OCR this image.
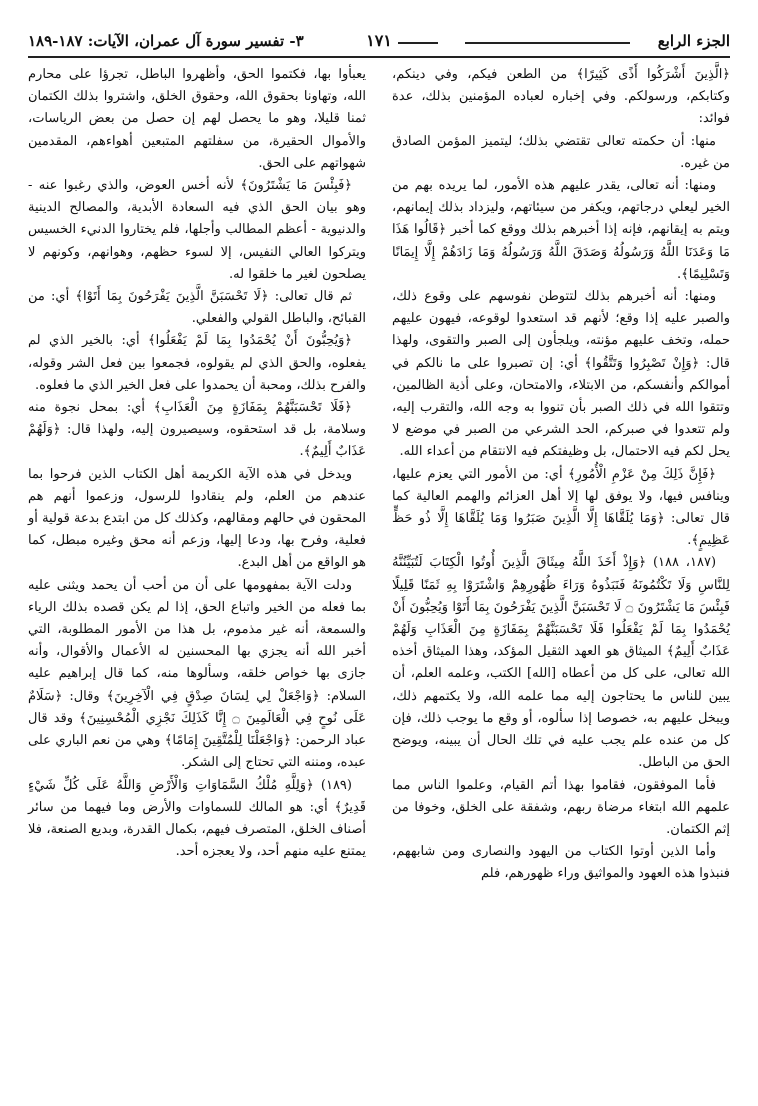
الجزء الرابع
١٧١
٣- تفسير سورة آل عمران، الآيات: ١٨٧-١٨٩

﴿الَّذِينَ أَشْرَكُوا أَذًى كَثِيرًا﴾ من الطعن فيكم، وفي دينكم، وكتابكم، ورسولكم. وفي إخباره لعباده المؤمنين بذلك، عدة فوائد:

منها: أن حكمته تعالى تقتضي بذلك؛ ليتميز المؤمن الصادق من غيره.

ومنها: أنه تعالى، يقدر عليهم هذه الأمور، لما يريده بهم من الخير ليعلي درجاتهم، ويكفر من سيئاتهم، وليزداد بذلك إيمانهم، ويتم به إيقانهم، فإنه إذا أخبرهم بذلك ووقع كما أخبر ﴿قَالُوا هَذَا مَا وَعَدَنَا اللَّهُ وَرَسُولُهُ وَصَدَقَ اللَّهُ وَرَسُولُهُ وَمَا زَادَهُمْ إِلَّا إِيمَانًا وَتَسْلِيمًا﴾.

ومنها: أنه أخبرهم بذلك لتتوطن نفوسهم على وقوع ذلك، والصبر عليه إذا وقع؛ لأنهم قد استعدوا لوقوعه، فيهون عليهم حمله، وتخف عليهم مؤنته، ويلجأون إلى الصبر والتقوى، ولهذا قال: ﴿وَإِنْ تَصْبِرُوا وَتَتَّقُوا﴾ أي: إن تصبروا على ما نالكم في أموالكم وأنفسكم، من الابتلاء، والامتحان، وعلى أذية الظالمين، وتتقوا الله في ذلك الصبر بأن تنووا به وجه الله، والتقرب إليه، ولم تتعدوا في صبركم، الحد الشرعي من الصبر في موضع لا يحل لكم فيه الاحتمال، بل وظيفتكم فيه الانتقام من أعداء الله.

﴿فَإِنَّ ذَلِكَ مِنْ عَزْمِ الْأُمُورِ﴾ أي: من الأمور التي يعزم عليها، وينافس فيها، ولا يوفق لها إلا أهل العزائم والهمم العالية كما قال تعالى: ﴿وَمَا يُلَقَّاهَا إِلَّا الَّذِينَ صَبَرُوا وَمَا يُلَقَّاهَا إِلَّا ذُو حَظٍّ عَظِيمٍ﴾.

(١٨٧، ١٨٨) ﴿وَإِذْ أَخَذَ اللَّهُ مِيثَاقَ الَّذِينَ أُوتُوا الْكِتَابَ لَتُبَيِّنُنَّهُ لِلنَّاسِ وَلَا تَكْتُمُونَهُ فَنَبَذُوهُ وَرَاءَ ظُهُورِهِمْ وَاشْتَرَوْا بِهِ ثَمَنًا قَلِيلًا فَبِئْسَ مَا يَشْتَرُونَ ۝ لَا تَحْسَبَنَّ الَّذِينَ يَفْرَحُونَ بِمَا أَتَوْا وَيُحِبُّونَ أَنْ يُحْمَدُوا بِمَا لَمْ يَفْعَلُوا فَلَا تَحْسَبَنَّهُمْ بِمَفَازَةٍ مِنَ الْعَذَابِ وَلَهُمْ عَذَابٌ أَلِيمٌ﴾ الميثاق هو العهد الثقيل المؤكد، وهذا الميثاق أخذه الله تعالى، على كل من أعطاه [الله] الكتب، وعلمه العلم، أن يبين للناس ما يحتاجون إليه مما علمه الله، ولا يكتمهم ذلك، ويبخل عليهم به، خصوصا إذا سألوه، أو وقع ما يوجب ذلك، فإن كل من عنده علم يجب عليه في تلك الحال أن يبينه، ويوضح الحق من الباطل.

فأما الموفقون، فقاموا بهذا أتم القيام، وعلموا الناس مما علمهم الله ابتغاء مرضاة ربهم، وشفقة على الخلق، وخوفا من إثم الكتمان.

وأما الذين أوتوا الكتاب من اليهود والنصارى ومن شابههم، فنبذوا هذه العهود والمواثيق وراء ظهورهم، فلم

يعبأوا بها، فكتموا الحق، وأظهروا الباطل، تجرؤا على محارم الله، وتهاونا بحقوق الله، وحقوق الخلق، واشتروا بذلك الكتمان ثمنا قليلا، وهو ما يحصل لهم إن حصل من بعض الرياسات، والأموال الحقيرة، من سفلتهم المتبعين أهواءهم، المقدمين شهواتهم على الحق.

﴿فَبِئْسَ مَا يَشْتَرُونَ﴾ لأنه أخس العوض، والذي رغبوا عنه - وهو بيان الحق الذي فيه السعادة الأبدية، والمصالح الدينية والدنيوية - أعظم المطالب وأجلها، فلم يختاروا الدنيء الخسيس ويتركوا العالي النفيس، إلا لسوء حظهم، وهوانهم، وكونهم لا يصلحون لغير ما خلقوا له.

ثم قال تعالى: ﴿لَا تَحْسَبَنَّ الَّذِينَ يَفْرَحُونَ بِمَا أَتَوْا﴾ أي: من القبائح، والباطل القولي والفعلي.

﴿وَيُحِبُّونَ أَنْ يُحْمَدُوا بِمَا لَمْ يَفْعَلُوا﴾ أي: بالخير الذي لم يفعلوه، والحق الذي لم يقولوه، فجمعوا بين فعل الشر وقوله، والفرح بذلك، ومحبة أن يحمدوا على فعل الخير الذي ما فعلوه.

﴿فَلَا تَحْسَبَنَّهُمْ بِمَفَازَةٍ مِنَ الْعَذَابِ﴾ أي: بمحل نجوة منه وسلامة، بل قد استحقوه، وسيصيرون إليه، ولهذا قال: ﴿وَلَهُمْ عَذَابٌ أَلِيمٌ﴾.

ويدخل في هذه الآية الكريمة أهل الكتاب الذين فرحوا بما عندهم من العلم، ولم ينقادوا للرسول، وزعموا أنهم هم المحقون في حالهم ومقالهم، وكذلك كل من ابتدع بدعة قولية أو فعلية، وفرح بها، ودعا إليها، وزعم أنه محق وغيره مبطل، كما هو الواقع من أهل البدع.

ودلت الآية بمفهومها على أن من أحب أن يحمد ويثنى عليه بما فعله من الخير واتباع الحق، إذا لم يكن قصده بذلك الرياء والسمعة، أنه غير مذموم، بل هذا من الأمور المطلوبة، التي أخبر الله أنه يجزي بها المحسنين له الأعمال والأقوال، وأنه جازى بها خواص خلقه، وسألوها منه، كما قال إبراهيم عليه السلام: ﴿وَاجْعَلْ لِي لِسَانَ صِدْقٍ فِي الْآخِرِينَ﴾ وقال: ﴿سَلَامٌ عَلَى نُوحٍ فِي الْعَالَمِينَ ۝ إِنَّا كَذَلِكَ نَجْزِي الْمُحْسِنِينَ﴾ وقد قال عباد الرحمن: ﴿وَاجْعَلْنَا لِلْمُتَّقِينَ إِمَامًا﴾ وهي من نعم الباري على عبده، ومننه التي تحتاج إلى الشكر.

(١٨٩) ﴿وَلِلَّهِ مُلْكُ السَّمَاوَاتِ وَالْأَرْضِ وَاللَّهُ عَلَى كُلِّ شَيْءٍ قَدِيرٌ﴾ أي: هو المالك للسماوات والأرض وما فيهما من سائر أصناف الخلق، المتصرف فيهم، بكمال القدرة، وبديع الصنعة، فلا يمتنع عليه منهم أحد، ولا يعجزه أحد.
